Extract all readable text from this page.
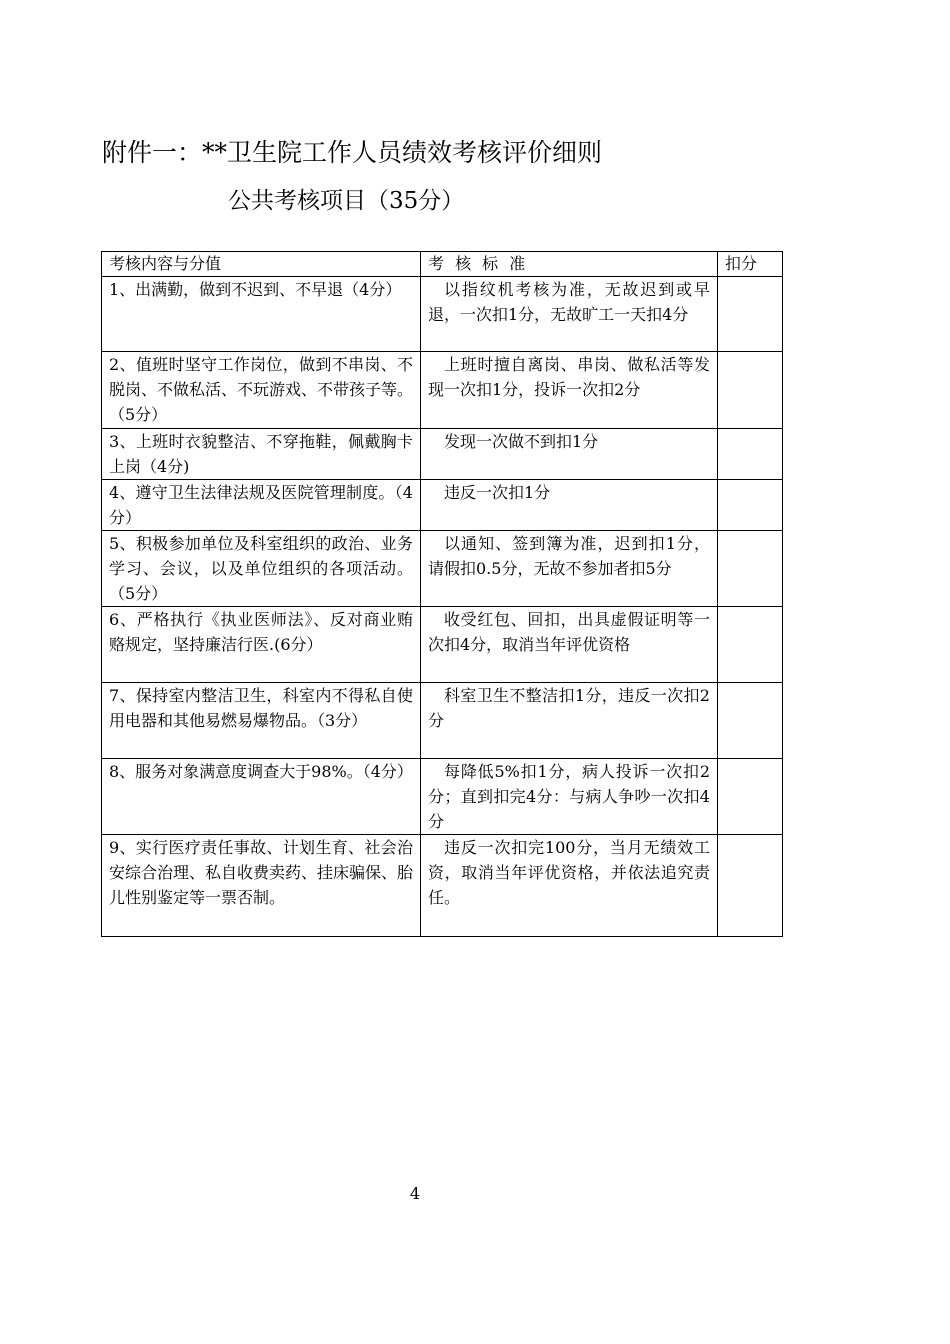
附件一：**卫生院工作人员绩效考核评价细则
公共考核项目（35分）
考核内容与分值	考 核 标 准	扣分
1、出满勤，做到不迟到、不早退（4分）	以指纹机考核为准，无故迟到或早退，一次扣1分，无故旷工一天扣4分	
2、值班时坚守工作岗位，做到不串岗、不脱岗、不做私活、不玩游戏、不带孩子等。（5分）	上班时擅自离岗、串岗、做私活等发现一次扣1分，投诉一次扣2分	
3、上班时衣貌整洁、不穿拖鞋，佩戴胸卡上岗（4分)	发现一次做不到扣1分	
4、遵守卫生法律法规及医院管理制度。（4分）	违反一次扣1分	
5、积极参加单位及科室组织的政治、业务学习、会议，以及单位组织的各项活动。（5分）	以通知、签到簿为准，迟到扣1分，请假扣0.5分，无故不参加者扣5分	
6、严格执行《执业医师法》、反对商业贿赂规定，坚持廉洁行医.(6分）	收受红包、回扣，出具虚假证明等一次扣4分，取消当年评优资格	
7、保持室内整洁卫生，科室内不得私自使用电器和其他易燃易爆物品。（3分）	科室卫生不整洁扣1分，违反一次扣2分	
8、服务对象满意度调查大于98%。（4分）	每降低5%扣1分，病人投诉一次扣2分；直到扣完4分：与病人争吵一次扣4分	
9、实行医疗责任事故、计划生育、社会治安综合治理、私自收费卖药、挂床骗保、胎儿性别鉴定等一票否制。	违反一次扣完100分，当月无绩效工资，取消当年评优资格，并依法追究责任。	
4
